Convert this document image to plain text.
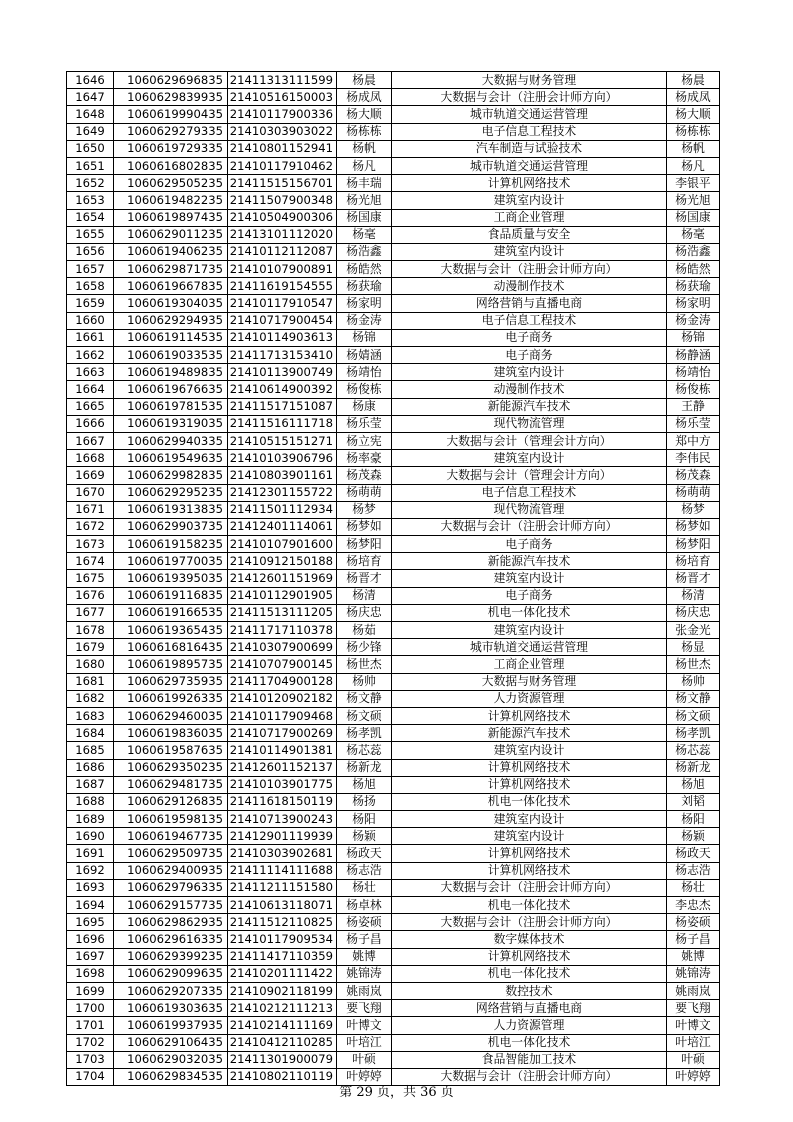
1646	1060629696835	21411313111599	杨晨	大数据与财务管理	杨晨
1647	1060629839935	21410516150003	杨成凤	大数据与会计（注册会计师方向）	杨成凤
1648	1060619990435	21410117900336	杨大顺	城市轨道交通运营管理	杨大顺
1649	1060629279335	21410303903022	杨栋栋	电子信息工程技术	杨栋栋
1650	1060619729335	21410801152941	杨帆	汽车制造与试验技术	杨帆
1651	1060616802835	21410117910462	杨凡	城市轨道交通运营管理	杨凡
1652	1060629505235	21411515156701	杨丰瑞	计算机网络技术	李银平
1653	1060619482235	21411507900348	杨光旭	建筑室内设计	杨光旭
1654	1060619897435	21410504900306	杨国康	工商企业管理	杨国康
1655	1060629011235	21413101112020	杨毫	食品质量与安全	杨毫
1656	1060619406235	21410112112087	杨浩鑫	建筑室内设计	杨浩鑫
1657	1060629871735	21410107900891	杨皓然	大数据与会计（注册会计师方向）	杨皓然
1658	1060619667835	21411619154555	杨获瑜	动漫制作技术	杨获瑜
1659	1060619304035	21410117910547	杨家明	网络营销与直播电商	杨家明
1660	1060629294935	21410717900454	杨金涛	电子信息工程技术	杨金涛
1661	1060619114535	21410114903613	杨锦	电子商务	杨锦
1662	1060619033535	21411713153410	杨婧涵	电子商务	杨静涵
1663	1060619489835	21410113900749	杨靖怡	建筑室内设计	杨靖怡
1664	1060619676635	21410614900392	杨俊栋	动漫制作技术	杨俊栋
1665	1060619781535	21411517151087	杨康	新能源汽车技术	王静
1666	1060619319035	21411516111718	杨乐莹	现代物流管理	杨乐莹
1667	1060629940335	21410515151271	杨立宪	大数据与会计（管理会计方向）	郑中方
1668	1060619549635	21410103906796	杨率豪	建筑室内设计	李伟民
1669	1060629982835	21410803901161	杨茂森	大数据与会计（管理会计方向）	杨茂森
1670	1060629295235	21412301155722	杨萌萌	电子信息工程技术	杨萌萌
1671	1060619313835	21411501112934	杨梦	现代物流管理	杨梦
1672	1060629903735	21412401114061	杨梦如	大数据与会计（注册会计师方向）	杨梦如
1673	1060619158235	21410107901600	杨梦阳	电子商务	杨梦阳
1674	1060619770035	21410912150188	杨培育	新能源汽车技术	杨培育
1675	1060619395035	21412601151969	杨晋才	建筑室内设计	杨晋才
1676	1060619116835	21410112901905	杨清	电子商务	杨清
1677	1060619166535	21411513111205	杨庆忠	机电一体化技术	杨庆忠
1678	1060619365435	21411717110378	杨茹	建筑室内设计	张金光
1679	1060616816435	21410307900699	杨少锋	城市轨道交通运营管理	杨显
1680	1060619895735	21410707900145	杨世杰	工商企业管理	杨世杰
1681	1060629735935	21411704900128	杨帅	大数据与财务管理	杨帅
1682	1060619926335	21410120902182	杨文静	人力资源管理	杨文静
1683	1060629460035	21410117909468	杨文硕	计算机网络技术	杨文硕
1684	1060619836035	21410717900269	杨孝凯	新能源汽车技术	杨孝凯
1685	1060619587635	21410114901381	杨芯蕊	建筑室内设计	杨芯蕊
1686	1060629350235	21412601152137	杨新龙	计算机网络技术	杨新龙
1687	1060629481735	21410103901775	杨旭	计算机网络技术	杨旭
1688	1060629126835	21411618150119	杨扬	机电一体化技术	刘韬
1689	1060619598135	21410713900243	杨阳	建筑室内设计	杨阳
1690	1060619467735	21412901119939	杨颖	建筑室内设计	杨颖
1691	1060629509735	21410303902681	杨政天	计算机网络技术	杨政天
1692	1060629400935	21411114111688	杨志浩	计算机网络技术	杨志浩
1693	1060629796335	21411211151580	杨壮	大数据与会计（注册会计师方向）	杨壮
1694	1060629157735	21410613118071	杨卓林	机电一体化技术	李忠杰
1695	1060629862935	21411512110825	杨姿硕	大数据与会计（注册会计师方向）	杨姿硕
1696	1060629616335	21410117909534	杨子昌	数字媒体技术	杨子昌
1697	1060629399235	21411417110359	姚博	计算机网络技术	姚博
1698	1060629099635	21410201111422	姚锦涛	机电一体化技术	姚锦涛
1699	1060629207335	21410902118199	姚雨岚	数控技术	姚雨岚
1700	1060619303635	21410212111213	要飞翔	网络营销与直播电商	要飞翔
1701	1060619937935	21410214111169	叶博文	人力资源管理	叶博文
1702	1060629106435	21410412110285	叶培江	机电一体化技术	叶培江
1703	1060629032035	21411301900079	叶硕	食品智能加工技术	叶硕
1704	1060629834535	21410802110119	叶婷婷	大数据与会计（注册会计师方向）	叶婷婷
第 29 页，共 36 页
